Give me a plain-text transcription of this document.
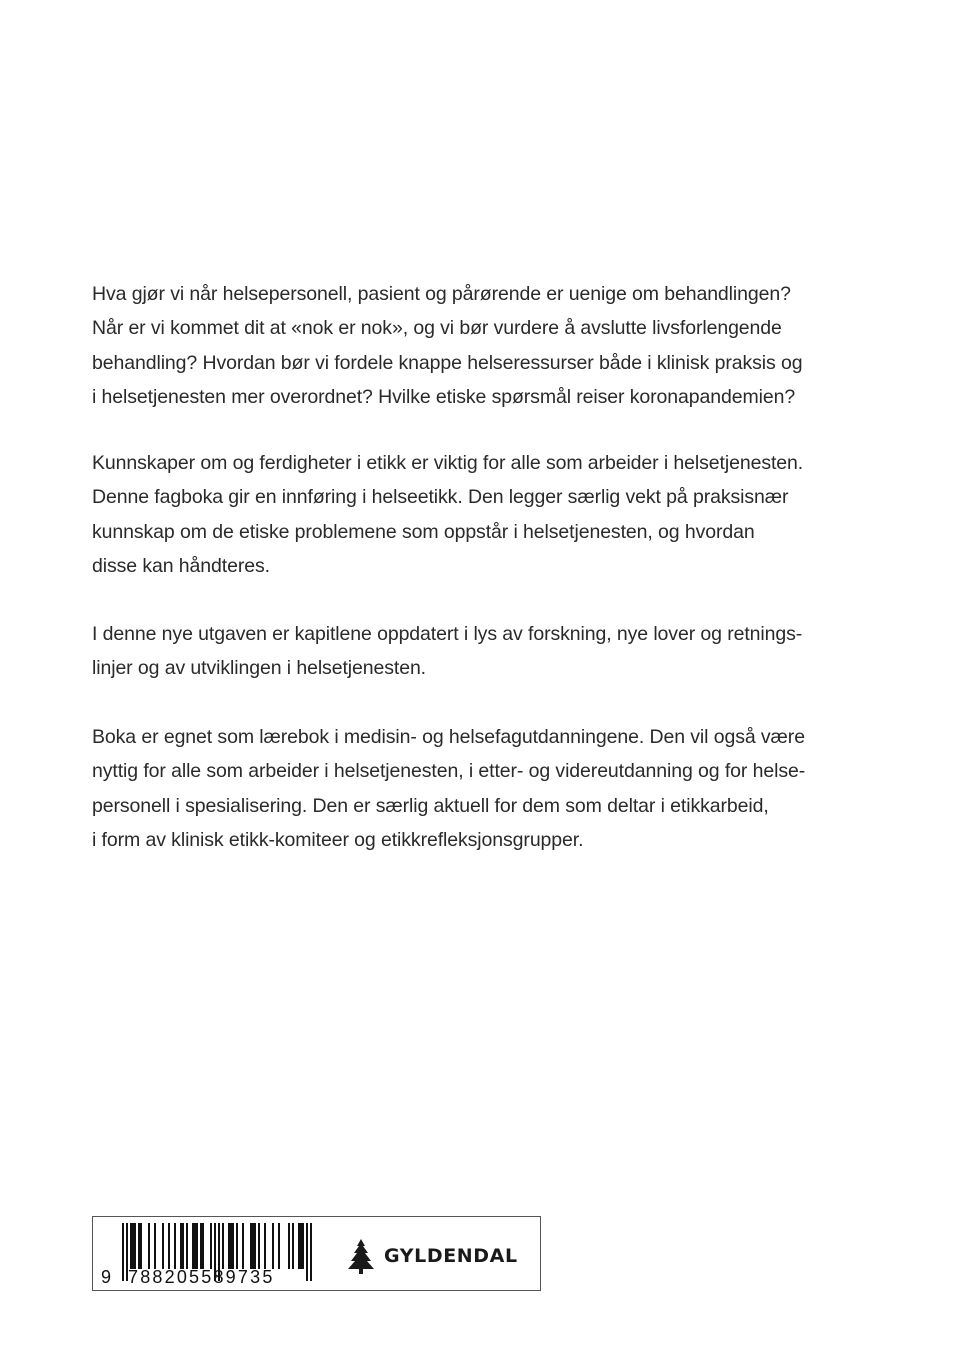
Hva gjør vi når helsepersonell, pasient og pårørende er uenige om behandlingen?
Når er vi kommet dit at «nok er nok», og vi bør vurdere å avslutte livsforlengende
behandling? Hvordan bør vi fordele knappe helseressurser både i klinisk praksis og
i helsetjenesten mer overordnet? Hvilke etiske spørsmål reiser koronapandemien?
Kunnskaper om og ferdigheter i etikk er viktig for alle som arbeider i helsetjenesten.
Denne fagboka gir en innføring i helseetikk. Den legger særlig vekt på praksisnær
kunnskap om de etiske problemene som oppstår i helsetjenesten, og hvordan
disse kan håndteres.
I denne nye utgaven er kapitlene oppdatert i lys av forskning, nye lover og retnings-
linjer og av utviklingen i helsetjenesten.
Boka er egnet som lærebok i medisin- og helsefagutdanningene. Den vil også være
nyttig for alle som arbeider i helsetjenesten, i etter- og videreutdanning og for helse-
personell i spesialisering. Den er særlig aktuell for dem som deltar i etikkarbeid,
i form av klinisk etikk-komiteer og etikkrefleksjonsgrupper.
9 788205589735
GYLDENDAL
